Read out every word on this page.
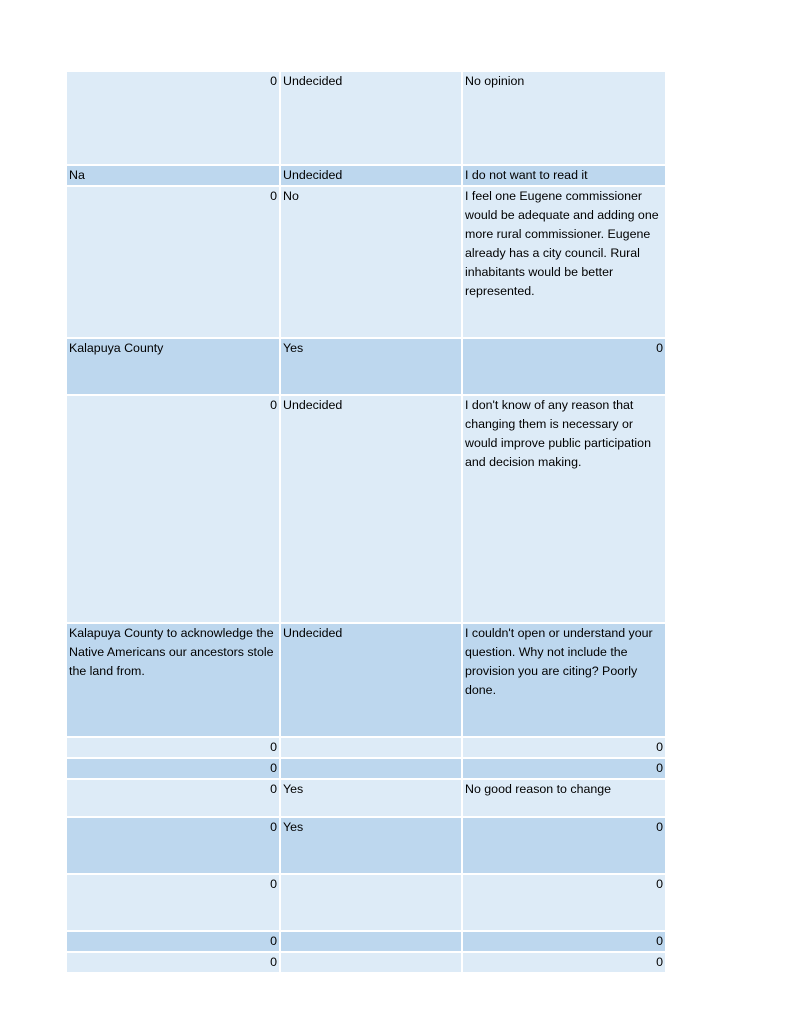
0	Undecided	No opinion
Na	Undecided	I do not want to read it
0	No	I feel one Eugene commissioner would be adequate and adding one more rural commissioner. Eugene already has a city council. Rural inhabitants would be better represented.
Kalapuya County	Yes	0
0	Undecided	I don't know of any reason that changing them is necessary or would improve public participation and decision making.
Kalapuya County to acknowledge the Native Americans our ancestors stole the land from.	Undecided	I couldn't open or understand your question. Why not include the provision you are citing? Poorly done.
0		0
0		0
0	Yes	No good reason to change
0	Yes	0
0		0
0		0
0		0
